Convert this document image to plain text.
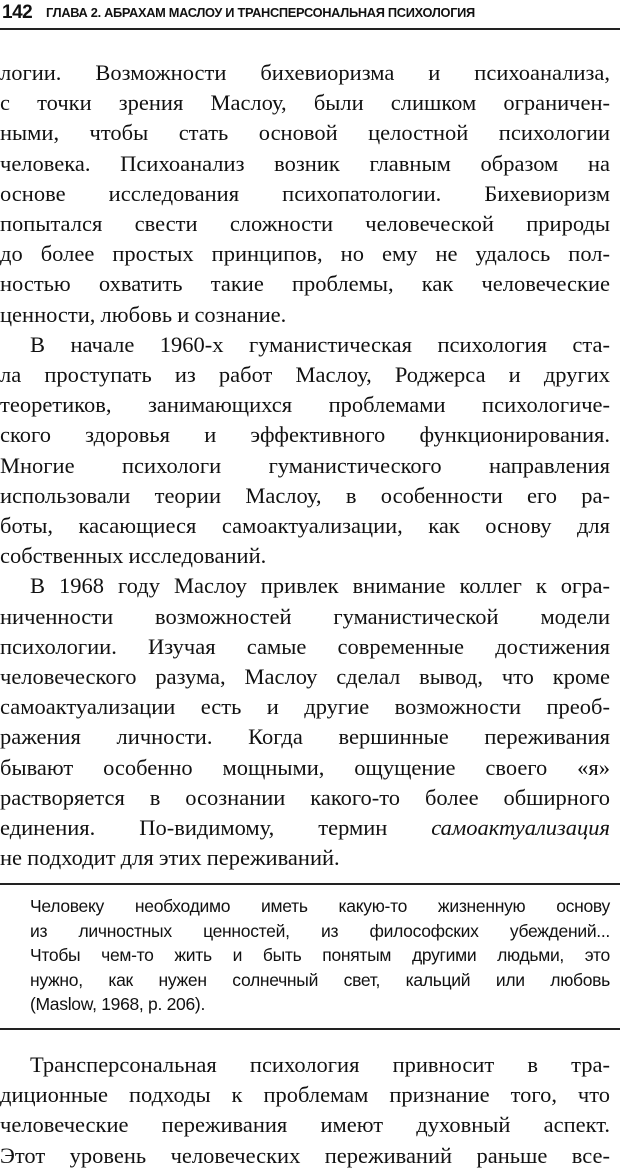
142 ГЛАВА 2. АБРАХАМ МАСЛОУ И ТРАНСПЕРСОНАЛЬНАЯ ПСИХОЛОГИЯ
логии. Возможности бихевиоризма и психоанализа,
с точки зрения Маслоу, были слишком ограничен-
ными, чтобы стать основой целостной психологии
человека. Психоанализ возник главным образом на
основе исследования психопатологии. Бихевиоризм
попытался свести сложности человеческой природы
до более простых принципов, но ему не удалось пол-
ностью охватить такие проблемы, как человеческие
ценности, любовь и сознание.
В начале 1960-х гуманистическая психология ста-
ла проступать из работ Маслоу, Роджерса и других
теоретиков, занимающихся проблемами психологиче-
ского здоровья и эффективного функционирования.
Многие психологи гуманистического направления
использовали теории Маслоу, в особенности его ра-
боты, касающиеся самоактуализации, как основу для
собственных исследований.
В 1968 году Маслоу привлек внимание коллег к огра-
ниченности возможностей гуманистической модели
психологии. Изучая самые современные достижения
человеческого разума, Маслоу сделал вывод, что кроме
самоактуализации есть и другие возможности преоб-
ражения личности. Когда вершинные переживания
бывают особенно мощными, ощущение своего «я»
растворяется в осознании какого-то более обширного
единения. По-видимому, термин самоактуализация
не подходит для этих переживаний.
Человеку необходимо иметь какую-то жизненную основу
из личностных ценностей, из философских убеждений...
Чтобы чем-то жить и быть понятым другими людьми, это
нужно, как нужен солнечный свет, кальций или любовь
(Maslow, 1968, p. 206).
Трансперсональная психология привносит в тра-
диционные подходы к проблемам признание того, что
человеческие переживания имеют духовный аспект.
Этот уровень человеческих переживаний раньше все-
